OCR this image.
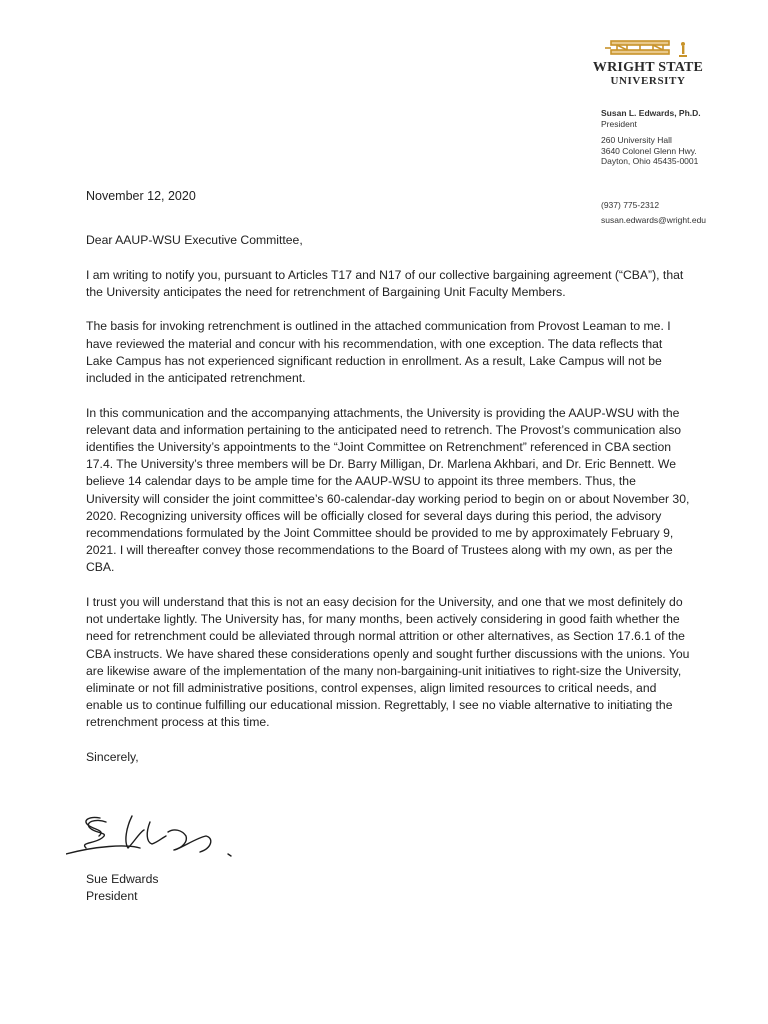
WRIGHT STATE
UNIVERSITY
Susan L. Edwards, Ph.D.
President
260 University Hall
3640 Colonel Glenn Hwy.
Dayton, Ohio 45435-0001
(937) 775-2312
susan.edwards@wright.edu
November 12, 2020

Dear AAUP-WSU Executive Committee,

I am writing to notify you, pursuant to Articles T17 and N17 of our collective bargaining agreement (“CBA”), that the University anticipates the need for retrenchment of Bargaining Unit Faculty Members.

The basis for invoking retrenchment is outlined in the attached communication from Provost Leaman to me. I have reviewed the material and concur with his recommendation, with one exception. The data reflects that Lake Campus has not experienced significant reduction in enrollment. As a result, Lake Campus will not be included in the anticipated retrenchment.

In this communication and the accompanying attachments, the University is providing the AAUP-WSU with the relevant data and information pertaining to the anticipated need to retrench. The Provost’s communication also identifies the University’s appointments to the “Joint Committee on Retrenchment” referenced in CBA section 17.4. The University’s three members will be Dr. Barry Milligan, Dr. Marlena Akhbari, and Dr. Eric Bennett. We believe 14 calendar days to be ample time for the AAUP-WSU to appoint its three members. Thus, the University will consider the joint committee’s 60-calendar-day working period to begin on or about November 30, 2020. Recognizing university offices will be officially closed for several days during this period, the advisory recommendations formulated by the Joint Committee should be provided to me by approximately February 9, 2021. I will thereafter convey those recommendations to the Board of Trustees along with my own, as per the CBA.

I trust you will understand that this is not an easy decision for the University, and one that we most definitely do not undertake lightly. The University has, for many months, been actively considering in good faith whether the need for retrenchment could be alleviated through normal attrition or other alternatives, as Section 17.6.1 of the CBA instructs. We have shared these considerations openly and sought further discussions with the unions. You are likewise aware of the implementation of the many non-bargaining-unit initiatives to right-size the University, eliminate or not fill administrative positions, control expenses, align limited resources to critical needs, and enable us to continue fulfilling our educational mission. Regrettably, I see no viable alternative to initiating the retrenchment process at this time.

Sincerely,

Sue Edwards
President
